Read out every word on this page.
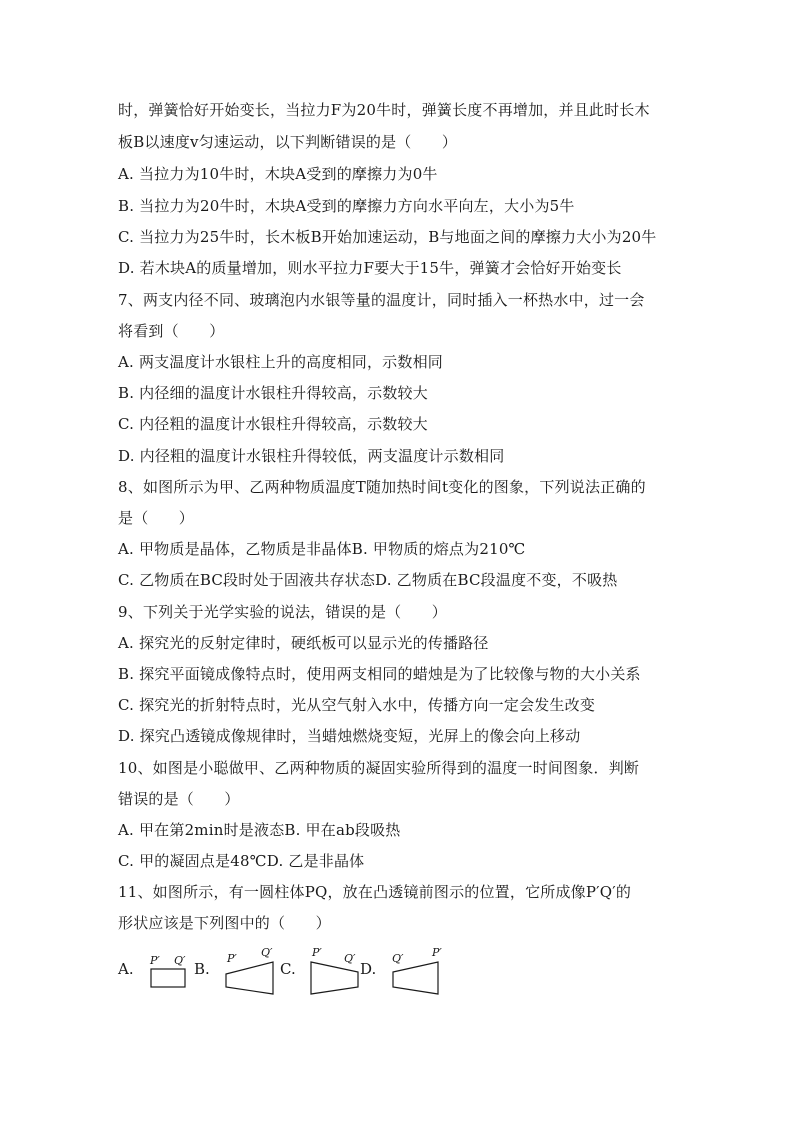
时，弹簧恰好开始变长，当拉力F为20牛时，弹簧长度不再增加，并且此时长木
板B以速度v匀速运动，以下判断错误的是（　　）
A. 当拉力为10牛时，木块A受到的摩擦力为0牛
B. 当拉力为20牛时，木块A受到的摩擦力方向水平向左，大小为5牛
C. 当拉力为25牛时，长木板B开始加速运动，B与地面之间的摩擦力大小为20牛
D. 若木块A的质量增加，则水平拉力F要大于15牛，弹簧才会恰好开始变长
7、两支内径不同、玻璃泡内水银等量的温度计，同时插入一杯热水中，过一会
将看到（　　）
A. 两支温度计水银柱上升的高度相同，示数相同
B. 内径细的温度计水银柱升得较高，示数较大
C. 内径粗的温度计水银柱升得较高，示数较大
D. 内径粗的温度计水银柱升得较低，两支温度计示数相同
8、如图所示为甲、乙两种物质温度T随加热时间t变化的图象，下列说法正确的
是（　　）
A. 甲物质是晶体，乙物质是非晶体B. 甲物质的熔点为210℃
C. 乙物质在BC段时处于固液共存状态D. 乙物质在BC段温度不变，不吸热
9、下列关于光学实验的说法，错误的是（　　）
A. 探究光的反射定律时，硬纸板可以显示光的传播路径
B. 探究平面镜成像特点时，使用两支相同的蜡烛是为了比较像与物的大小关系
C. 探究光的折射特点时，光从空气射入水中，传播方向一定会发生改变
D. 探究凸透镜成像规律时，当蜡烛燃烧变短，光屏上的像会向上移动
10、如图是小聪做甲、乙两种物质的凝固实验所得到的温度一时间图象．判断
错误的是（　　）
A. 甲在第2min时是液态B. 甲在ab段吸热
C. 甲的凝固点是48℃D. 乙是非晶体
11、如图所示，有一圆柱体PQ，放在凸透镜前图示的位置，它所成像P′Q′的
形状应该是下列图中的（　　）
A. P′ Q′ B.
P′ Q′
C.
P′ Q′
D.
Q′	P′
